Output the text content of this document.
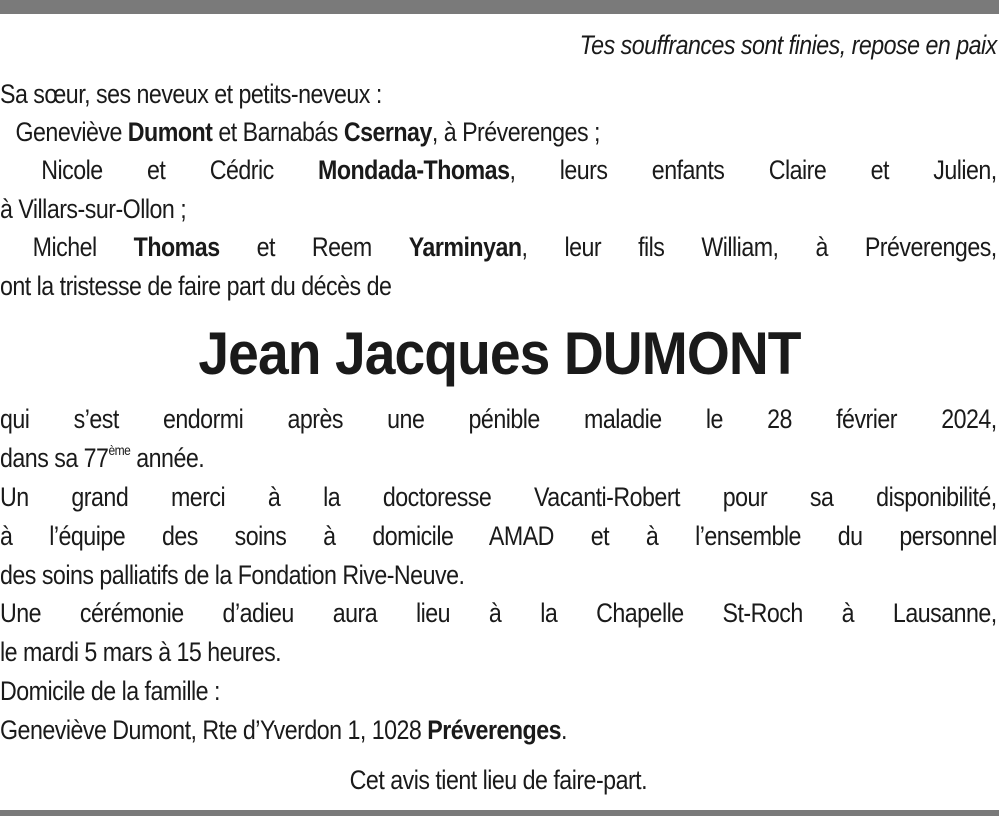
Tes souffrances sont finies, repose en paix
Sa sœur, ses neveux et petits-neveux :
Geneviève Dumont et Barnabás Csernay, à Préverenges ;
Nicole et Cédric Mondada-Thomas, leurs enfants Claire et Julien,
à Villars-sur-Ollon ;
Michel Thomas et Reem Yarminyan, leur fils William, à Préverenges,
ont la tristesse de faire part du décès de
Jean Jacques DUMONT
qui s’est endormi après une pénible maladie le 28 février 2024,
dans sa 77ème année.
Un grand merci à la doctoresse Vacanti-Robert pour sa disponibilité,
à l’équipe des soins à domicile AMAD et à l’ensemble du personnel
des soins palliatifs de la Fondation Rive-Neuve.
Une cérémonie d’adieu aura lieu à la Chapelle St-Roch à Lausanne,
le mardi 5 mars à 15 heures.
Domicile de la famille :
Geneviève Dumont, Rte d’Yverdon 1, 1028 Préverenges.
Cet avis tient lieu de faire-part.
